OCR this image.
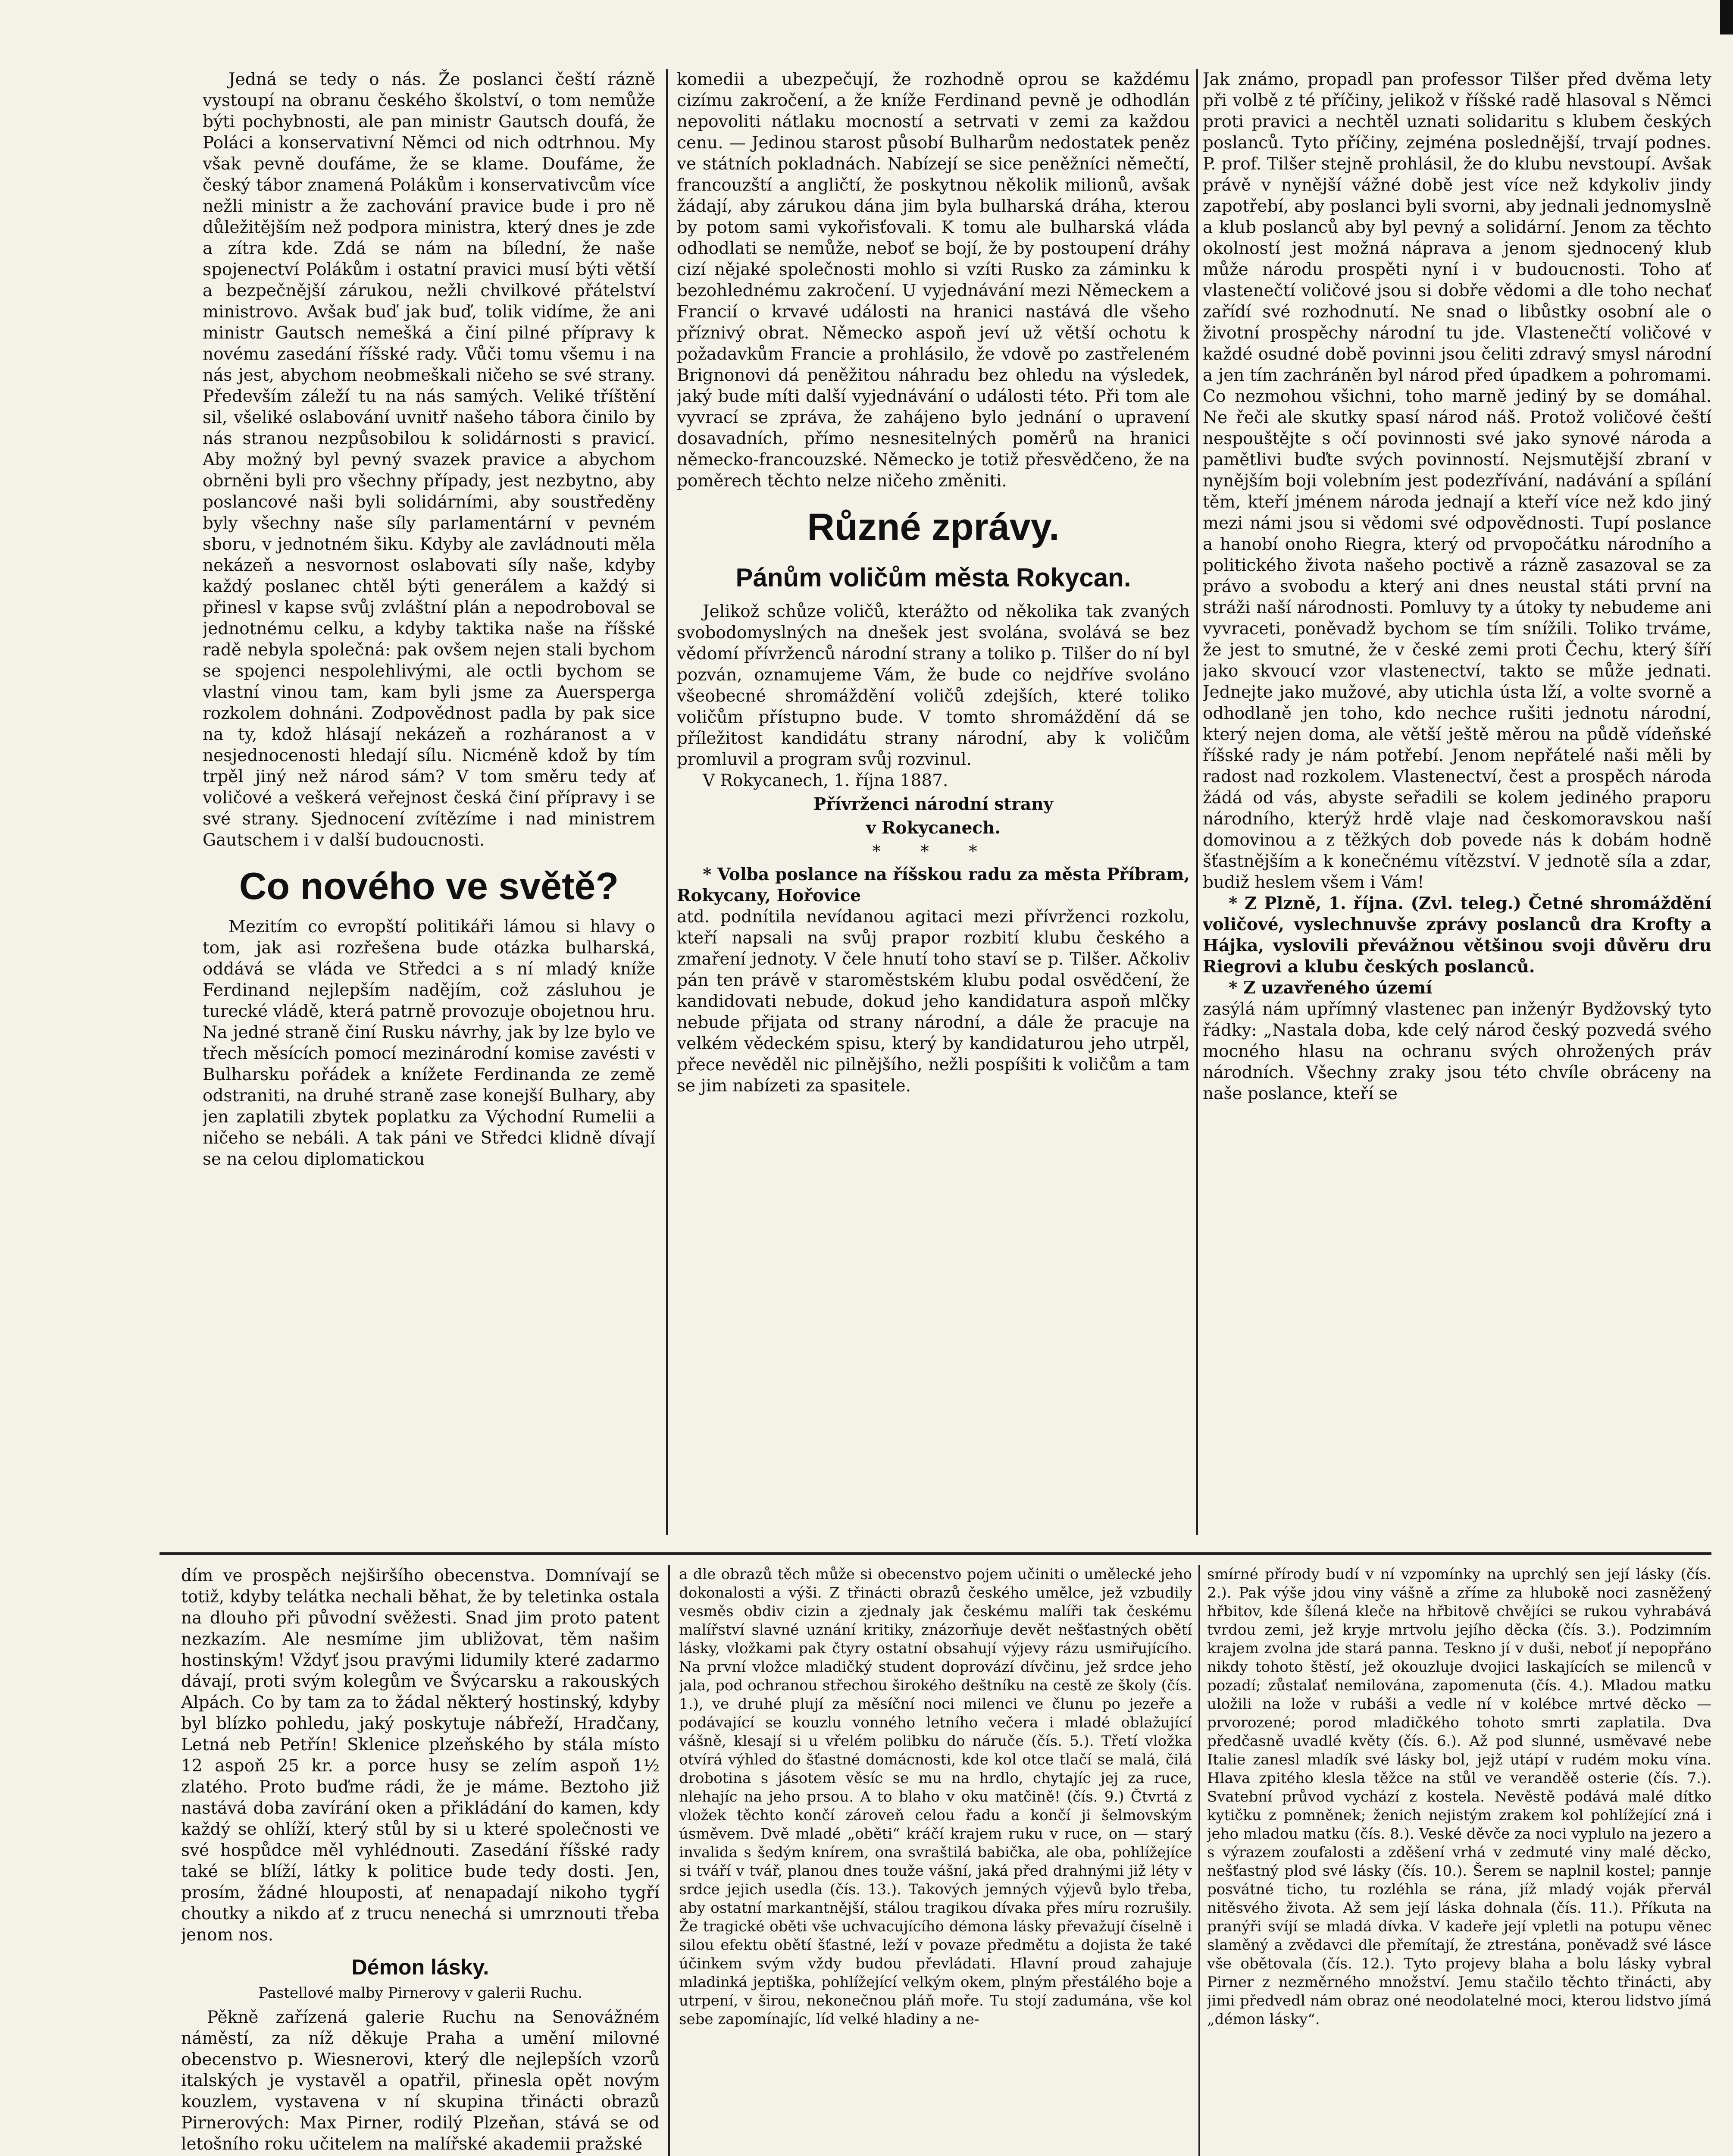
Jedná se tedy o nás. Že poslanci čeští rázně vystoupí na obranu českého školství, o tom nemůže býti pochybnosti, ale pan ministr Gautsch doufá, že Poláci a konservativní Němci od nich odtrhnou. My však pevně doufáme, že se klame. Doufáme, že český tábor znamená Polákům i konservativcům více nežli ministr a že zachování pravice bude i pro ně důležitějším než podpora ministra, který dnes je zde a zítra kde. Zdá se nám na bílední, že naše spojenectví Polákům i ostatní pravici musí býti větší a bezpečnější zárukou, nežli chvilkové přátelství ministrovo. Avšak buď jak buď, tolik vidíme, že ani ministr Gautsch nemešká a činí pilné přípravy k novému zasedání říšské rady. Vůči tomu všemu i na nás jest, abychom neobmeškali ničeho se své strany. Především záleží tu na nás samých. Veliké tříštění sil, všeliké oslabování uvnitř našeho tábora činilo by nás stranou nezpůsobilou k solidárnosti s pravicí. Aby možný byl pevný svazek pravice a abychom obrněni byli pro všechny případy, jest nezbytno, aby poslancové naši byli solidárními, aby soustředěny byly všechny naše síly parlamentární v pevném sboru, v jednotném šiku. Kdyby ale zavládnouti měla nekázeň a nesvornost oslabovati síly naše, kdyby každý poslanec chtěl býti generálem a každý si přinesl v kapse svůj zvláštní plán a nepodroboval se jednotnému celku, a kdyby taktika naše na říšské radě nebyla společná: pak ovšem nejen stali bychom se spojenci nespolehlivými, ale octli bychom se vlastní vinou tam, kam byli jsme za Auersperga rozkolem dohnáni. Zodpovědnost padla by pak sice na ty, kdož hlásají nekázeň a rozháranost a v nesjednocenosti hledají sílu. Nicméně kdož by tím trpěl jiný než národ sám? V tom směru tedy ať voličové a veškerá veřejnost česká činí přípravy i se své strany. Sjednocení zvítězíme i nad ministrem Gautschem i v další budoucnosti.

Co nového ve světě?

Mezitím co evropští politikáři lámou si hlavy o tom, jak asi rozřešena bude otázka bulharská, oddává se vláda ve Středci a s ní mladý kníže Ferdinand nejlepším nadějím, což zásluhou je turecké vládě, která patrně provozuje obojetnou hru. Na jedné straně činí Rusku návrhy, jak by lze bylo ve třech měsících pomocí mezinárodní komise zavésti v Bulharsku pořádek a knížete Ferdinanda ze země odstraniti, na druhé straně zase konejší Bulhary, aby jen zaplatili zbytek poplatku za Východní Rumelii a ničeho se nebáli. A tak páni ve Středci klidně dívají se na celou diplomatickou

komedii a ubezpečují, že rozhodně oprou se každému cizímu zakročení, a že kníže Ferdinand pevně je odhodlán nepovoliti nátlaku mocností a setrvati v zemi za každou cenu. — Jedinou starost působí Bulharům nedostatek peněz ve státních pokladnách. Nabízejí se sice peněžníci němečtí, francouzští a angličtí, že poskytnou několik milionů, avšak žádají, aby zárukou dána jim byla bulharská dráha, kterou by potom sami vykořisťovali. K tomu ale bulharská vláda odhodlati se nemůže, neboť se bojí, že by postoupení dráhy cizí nějaké společnosti mohlo si vzíti Rusko za záminku k bezohlednému zakročení. U vyjednávání mezi Německem a Francií o krvavé události na hranici nastává dle všeho příznivý obrat. Německo aspoň jeví už větší ochotu k požadavkům Francie a prohlásilo, že vdově po zastřeleném Brignonovi dá peněžitou náhradu bez ohledu na výsledek, jaký bude míti další vyjednávání o události této. Při tom ale vyvrací se zpráva, že zahájeno bylo jednání o upravení dosavadních, přímo nesnesitelných poměrů na hranici německo-francouzské. Německo je totiž přesvědčeno, že na poměrech těchto nelze ničeho změniti.

Různé zprávy.
Pánům voličům města Rokycan.

Jelikož schůze voličů, kterážto od několika tak zvaných svobodomyslných na dnešek jest svolána, svolává se bez vědomí přívrženců národní strany a toliko p. Tilšer do ní byl pozván, oznamujeme Vám, že bude co nejdříve svoláno všeobecné shromáždění voličů zdejších, které toliko voličům přístupno bude. V tomto shromáždění dá se příležitost kandidátu strany národní, aby k voličům promluvil a program svůj rozvinul.

V Rokycanech, 1. října 1887.

Přívrženci národní strany
v Rokycanech.
* * *

* Volba poslance na říšskou radu za města Příbram, Rokycany, Hořovice

atd. podnítila nevídanou agitaci mezi přívrženci rozkolu, kteří napsali na svůj prapor rozbití klubu českého a zmaření jednoty. V čele hnutí toho staví se p. Tilšer. Ačkoliv pán ten právě v staroměstském klubu podal osvědčení, že kandidovati nebude, dokud jeho kandidatura aspoň mlčky nebude přijata od strany národní, a dále že pracuje na velkém vědeckém spisu, který by kandidaturou jeho utrpěl, přece nevěděl nic pilnějšího, nežli pospíšiti k voličům a tam se jim nabízeti za spasitele.

Jak známo, propadl pan professor Tilšer před dvěma lety při volbě z té příčiny, jelikož v říšské radě hlasoval s Němci proti pravici a nechtěl uznati solidaritu s klubem českých poslanců. Tyto příčiny, zejména poslednější, trvají podnes. P. prof. Tilšer stejně prohlásil, že do klubu nevstoupí. Avšak právě v nynější vážné době jest více než kdykoliv jindy zapotřebí, aby poslanci byli svorni, aby jednali jednomyslně a klub poslanců aby byl pevný a solidární. Jenom za těchto okolností jest možná náprava a jenom sjednocený klub může národu prospěti nyní i v budoucnosti. Toho ať vlastenečtí voličové jsou si dobře vědomi a dle toho nechať zařídí své rozhodnutí. Ne snad o libůstky osobní ale o životní prospěchy národní tu jde. Vlastenečtí voličové v každé osudné době povinni jsou čeliti zdravý smysl národní a jen tím zachráněn byl národ před úpadkem a pohromami. Co nezmohou všichni, toho marně jediný by se domáhal. Ne řeči ale skutky spasí národ náš. Protož voličové čeští nespouštějte s očí povinnosti své jako synové národa a pamětlivi buďte svých povinností. Nejsmutější zbraní v nynějším boji volebním jest podezřívání, nadávání a spílání těm, kteří jménem národa jednají a kteří více než kdo jiný mezi námi jsou si vědomi své odpovědnosti. Tupí poslance a hanobí onoho Riegra, který od prvopočátku národního a politického života našeho poctivě a rázně zasazoval se za právo a svobodu a který ani dnes neustal státi první na stráži naší národnosti. Pomluvy ty a útoky ty nebudeme ani vyvraceti, poněvadž bychom se tím snížili. Toliko trváme, že jest to smutné, že v české zemi proti Čechu, který šíří jako skvoucí vzor vlastenectví, takto se může jednati. Jednejte jako mužové, aby utichla ústa lží, a volte svorně a odhodlaně jen toho, kdo nechce rušiti jednotu národní, který nejen doma, ale větší ještě měrou na půdě vídeňské říšské rady je nám potřebí. Jenom nepřátelé naši měli by radost nad rozkolem. Vlastenectví, čest a prospěch národa žádá od vás, abyste seřadili se kolem jediného praporu národního, kterýž hrdě vlaje nad českomoravskou naší domovinou a z těžkých dob povede nás k dobám hodně šťastnějším a k konečnému vítězství. V jednotě síla a zdar, budiž heslem všem i Vám!

* Z Plzně, 1. října. (Zvl. teleg.) Četné shromáždění voličové, vyslechnuvše zprávy poslanců dra Krofty a Hájka, vyslovili převážnou většinou svoji důvěru dru Riegrovi a klubu českých poslanců.

* Z uzavřeného území

zasýlá nám upřímný vlastenec pan inženýr Bydžovský tyto řádky: „Nastala doba, kde celý národ český pozvedá svého mocného hlasu na ochranu svých ohrožených práv národních. Všechny zraky jsou této chvíle obráceny na naše poslance, kteří se

dím ve prospěch nejširšího obecenstva. Domnívají se totiž, kdyby telátka nechali běhat, že by teletinka ostala na dlouho při původní svěžesti. Snad jim proto patent nezkazím. Ale nesmíme jim ubližovat, těm našim hostinským! Vždyť jsou pravými lidumily které zadarmo dávají, proti svým kolegům ve Švýcarsku a rakouských Alpách. Co by tam za to žádal některý hostinský, kdyby byl blízko pohledu, jaký poskytuje nábřeží, Hradčany, Letná neb Petřín! Sklenice plzeňského by stála místo 12 aspoň 25 kr. a porce husy se zelím aspoň 1½ zlatého. Proto buďme rádi, že je máme. Beztoho již nastává doba zavírání oken a přikládání do kamen, kdy každý se ohlíží, který stůl by si u které společnosti ve své hospůdce měl vyhlédnouti. Zasedání říšské rady také se blíží, látky k politice bude tedy dosti. Jen, prosím, žádné hlouposti, ať nenapadají nikoho tygří choutky a nikdo ať z trucu nenechá si umrznouti třeba jenom nos.

Démon lásky.
Pastellové malby Pirnerovy v galerii Ruchu.

Pěkně zařízená galerie Ruchu na Senovážném náměstí, za níž děkuje Praha a umění milovné obecenstvo p. Wiesnerovi, který dle nejlepších vzorů italských je vystavěl a opatřil, přinesla opět novým kouzlem, vystavena v ní skupina třinácti obrazů Pirnerových: Max Pirner, rodilý Plzeňan, stává se od letošního roku učitelem na malířské akademii pražské

a dle obrazů těch může si obecenstvo pojem učiniti o umělecké jeho dokonalosti a výši. Z třinácti obrazů českého umělce, jež vzbudily vesměs obdiv cizin a zjednaly jak českému malíři tak českému malířství slavné uznání kritiky, znázorňuje devět nešťastných obětí lásky, vložkami pak čtyry ostatní obsahují výjevy rázu usmiřujícího. Na první vložce mladičký student doprovází dívčinu, jež srdce jeho jala, pod ochranou střechou širokého deštníku na cestě ze školy (čís. 1.), ve druhé plují za měsíční noci milenci ve člunu po jezeře a podávající se kouzlu vonného letního večera i mladé oblažující vášně, klesají si u vřelém polibku do náruče (čís. 5.). Třetí vložka otvírá výhled do šťastné domácnosti, kde kol otce tlačí se malá, čilá drobotina s jásotem věsíc se mu na hrdlo, chytajíc jej za ruce, nlehajíc na jeho prsou. A to blaho v oku matčině! (čís. 9.) Čtvrtá z vložek těchto končí zároveň celou řadu a končí ji šelmovským úsměvem. Dvě mladé „oběti“ kráčí krajem ruku v ruce, on — starý invalida s šedým knírem, ona svraštilá babička, ale oba, pohlížejíce si tváří v tvář, planou dnes touže vášní, jaká před drahnými již léty v srdce jejich usedla (čís. 13.). Takových jemných výjevů bylo třeba, aby ostatní markantnější, stálou tragikou dívaka přes míru rozrušily. Že tragické oběti vše uchvacujícího démona lásky převažují číselně i silou efektu obětí šťastné, leží v povaze předmětu a dojista že také účinkem svým vždy budou převládati. Hlavní proud zahajuje mladinká jeptiška, pohlížející velkým okem, plným přestálého boje a utrpení, v širou, nekonečnou pláň moře. Tu stojí zadumána, vše kol sebe zapomínajíc, líd velké hladiny a ne-

smírné přírody budí v ní vzpomínky na uprchlý sen její lásky (čís. 2.). Pak výše jdou viny vášně a zříme za hlubokě noci zasněžený hřbitov, kde šílená kleče na hřbitově chvějíci se rukou vyhrabává tvrdou zemi, jež kryje mrtvolu jejího děcka (čís. 3.). Podzimním krajem zvolna jde stará panna. Teskno jí v duši, neboť jí nepopřáno nikdy tohoto štěstí, jež okouzluje dvojici laskajících se milenců v pozadí; zůstalať nemilována, zapomenuta (čís. 4.). Mladou matku uložili na lože v rubáši a vedle ní v kolébce mrtvé děcko — prvorozené; porod mladičkého tohoto smrti zaplatila. Dva předčasně uvadlé květy (čís. 6.). Až pod slunné, usměvavé nebe Italie zanesl mladík své lásky bol, jejž utápí v rudém moku vína. Hlava zpitého klesla těžce na stůl ve veranděě osterie (čís. 7.). Svatební průvod vychází z kostela. Nevěstě podává malé dítko kytičku z pomněnek; ženich nejistým zrakem kol pohlížející zná i jeho mladou matku (čís. 8.). Veské děvče za noci vyplulo na jezero a s výrazem zoufalosti a zděšení vrhá v zedmuté viny malé děcko, nešťastný plod své lásky (čís. 10.). Šerem se naplnil kostel; pannje posvátné ticho, tu rozléhla se rána, jíž mladý voják přervál nitěsvého života. Až sem její láska dohnala (čís. 11.). Příkuta na pranýři svíjí se mladá dívka. V kadeře její vpletli na potupu věnec slaměný a zvědavci dle přemítají, že ztrestána, poněvadž své lásce vše obětovala (čís. 12.). Tyto projevy blaha a bolu lásky vybral Pirner z nezměrného množství. Jemu stačilo těchto třinácti, aby jimi předvedl nám obraz oné neodolatelné moci, kterou lidstvo jímá „démon lásky“.
